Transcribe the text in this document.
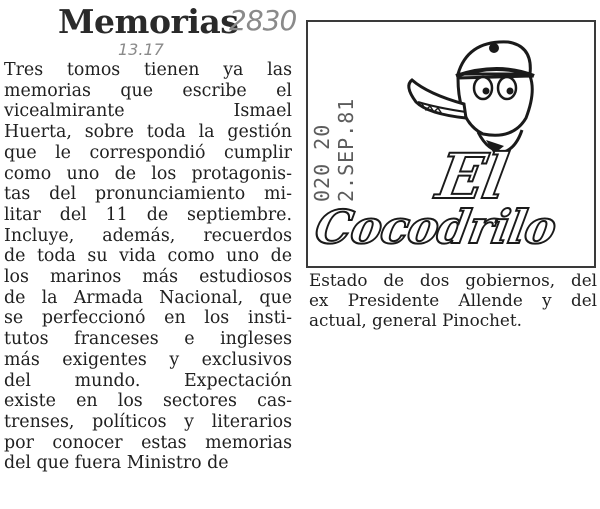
Memorias
2830
13.17
Tres tomos tienen ya las
memorias que escribe el
vicealmirante Ismael
Huerta, sobre toda la gestión
que le correspondió cumplir
como uno de los protagonis-
tas del pronunciamiento mi-
litar del 11 de septiembre.
Incluye, además, recuerdos
de toda su vida como uno de
los marinos más estudiosos
de la Armada Nacional, que
se perfeccionó en los insti-
tutos franceses e ingleses
más exigentes y exclusivos
del mundo. Expectación
existe en los sectores cas-
trenses, políticos y literarios
por conocer estas memorias
del que fuera Ministro de
El
Cocodrilo
020 20 2.SEP.81
Estado de dos gobiernos, del
ex Presidente Allende y del
actual, general Pinochet.
